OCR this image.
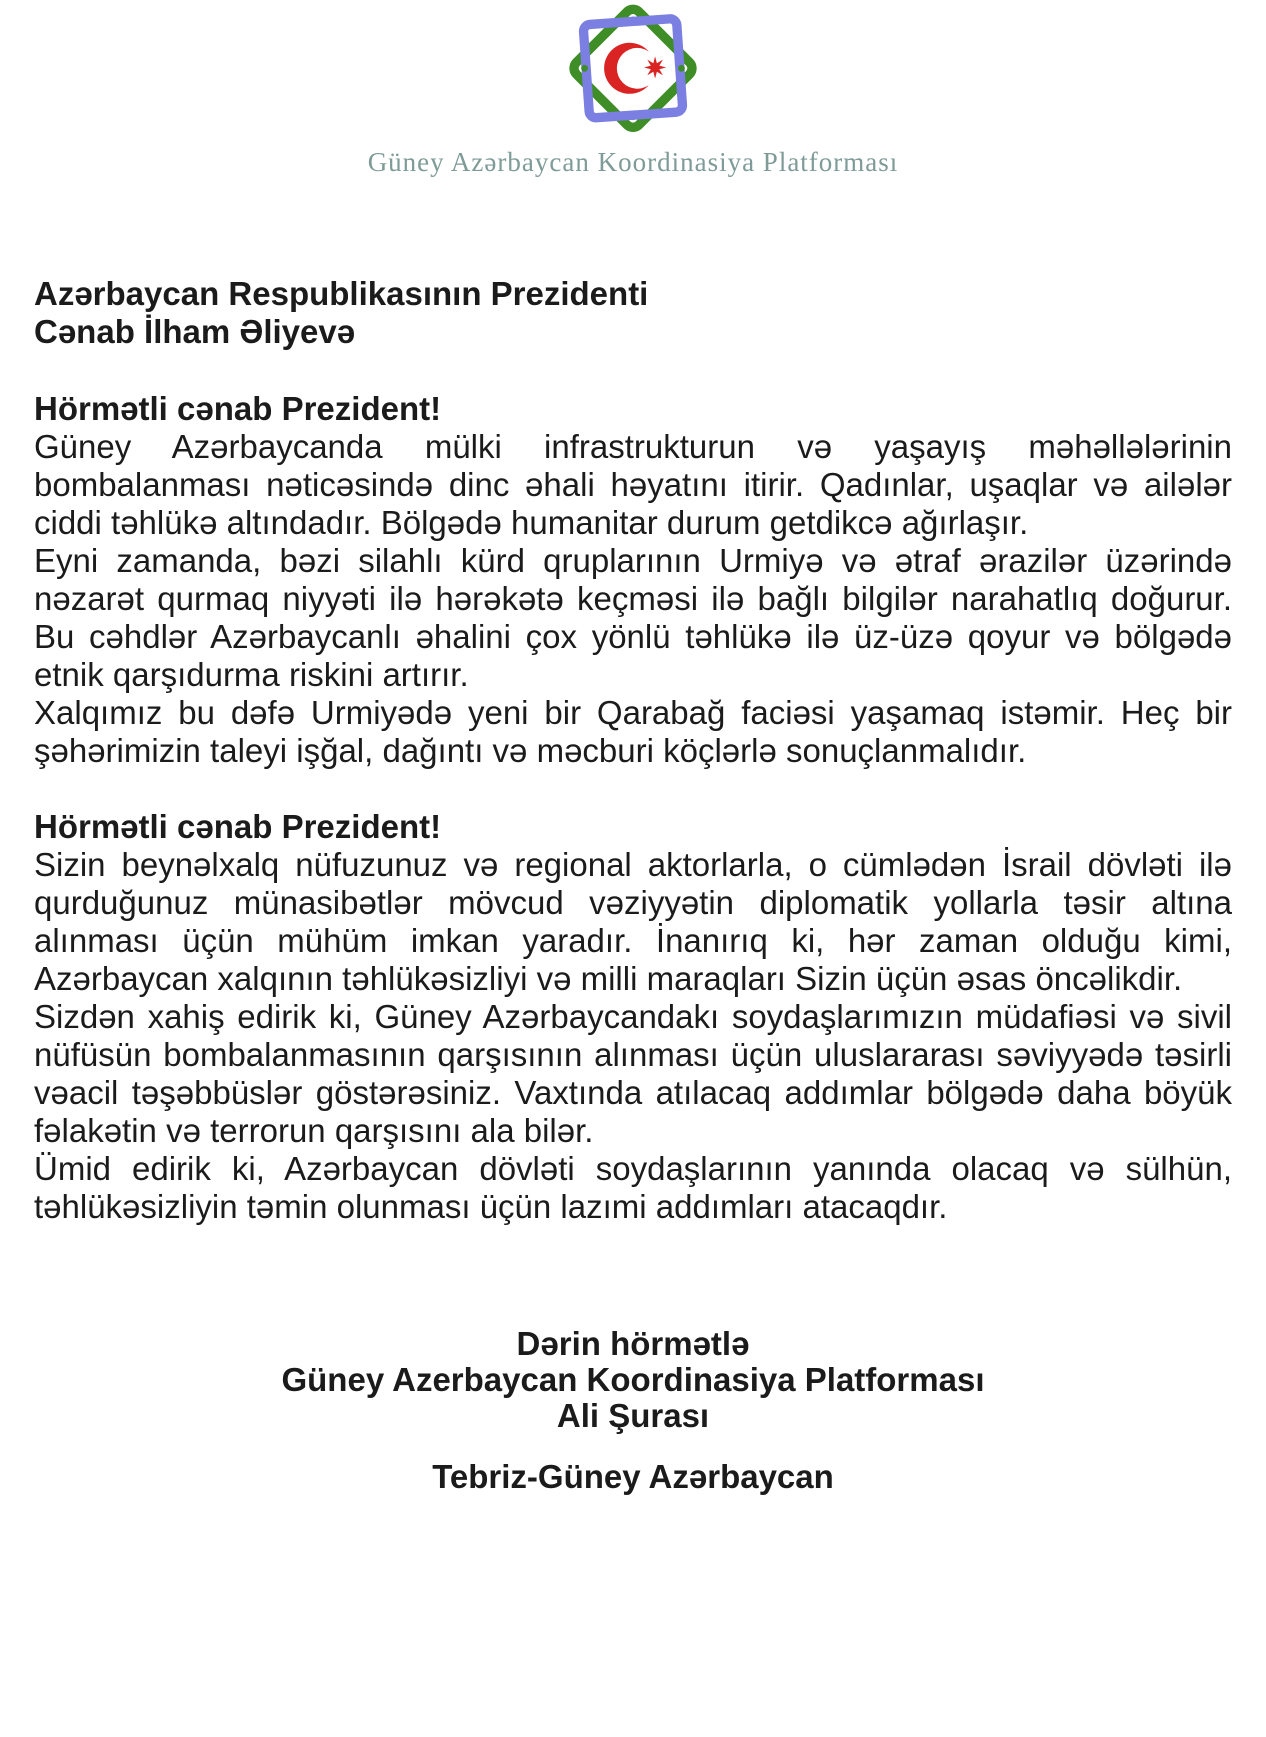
Güney Azərbaycan Koordinasiya Platforması
Azərbaycan Respublikasının Prezidenti
Cənab İlham Əliyevə
Hörmətli cənab Prezident!

Güney Azərbaycanda mülki infrastrukturun və yaşayış məhəllələrinin bombalanması nəticəsində dinc əhali həyatını itirir. Qadınlar, uşaqlar və ailələr ciddi təhlükə altındadır. Bölgədə humanitar durum getdikcə ağırlaşır.

Eyni zamanda, bəzi silahlı kürd qruplarının Urmiyə və ətraf ərazilər üzərində nəzarət qurmaq niyyəti ilə hərəkətə keçməsi ilə bağlı bilgilər narahatlıq doğurur. Bu cəhdlər Azərbaycanlı əhalini çox yönlü təhlükə ilə üz-üzə qoyur və bölgədə etnik qarşıdurma riskini artırır.

Xalqımız bu dəfə Urmiyədə yeni bir Qarabağ faciəsi yaşamaq istəmir. Heç bir şəhərimizin taleyi işğal, dağıntı və məcburi köçlərlə sonuçlanmalıdır.

Hörmətli cənab Prezident!

Sizin beynəlxalq nüfuzunuz və regional aktorlarla, o cümlədən İsrail dövləti ilə qurduğunuz münasibətlər mövcud vəziyyətin diplomatik yollarla təsir altına alınması üçün mühüm imkan yaradır. İnanırıq ki, hər zaman olduğu kimi, Azərbaycan xalqının təhlükəsizliyi və milli maraqları Sizin üçün əsas öncəlikdir.

Sizdən xahiş edirik ki, Güney Azərbaycandakı soydaşlarımızın müdafiəsi və sivil nüfüsün bombalanmasının qarşısının alınması üçün uluslararası səviyyədə təsirli vəacil təşəbbüslər göstərəsiniz. Vaxtında atılacaq addımlar bölgədə daha böyük fəlakətin və terrorun qarşısını ala bilər.

Ümid edirik ki, Azərbaycan dövləti soydaşlarının yanında olacaq və sülhün, təhlükəsizliyin təmin olunması üçün lazımi addımları atacaqdır.

Dərin hörmətlə
Güney Azerbaycan Koordinasiya Platforması
Ali Şurası
Tebriz-Güney Azərbaycan
